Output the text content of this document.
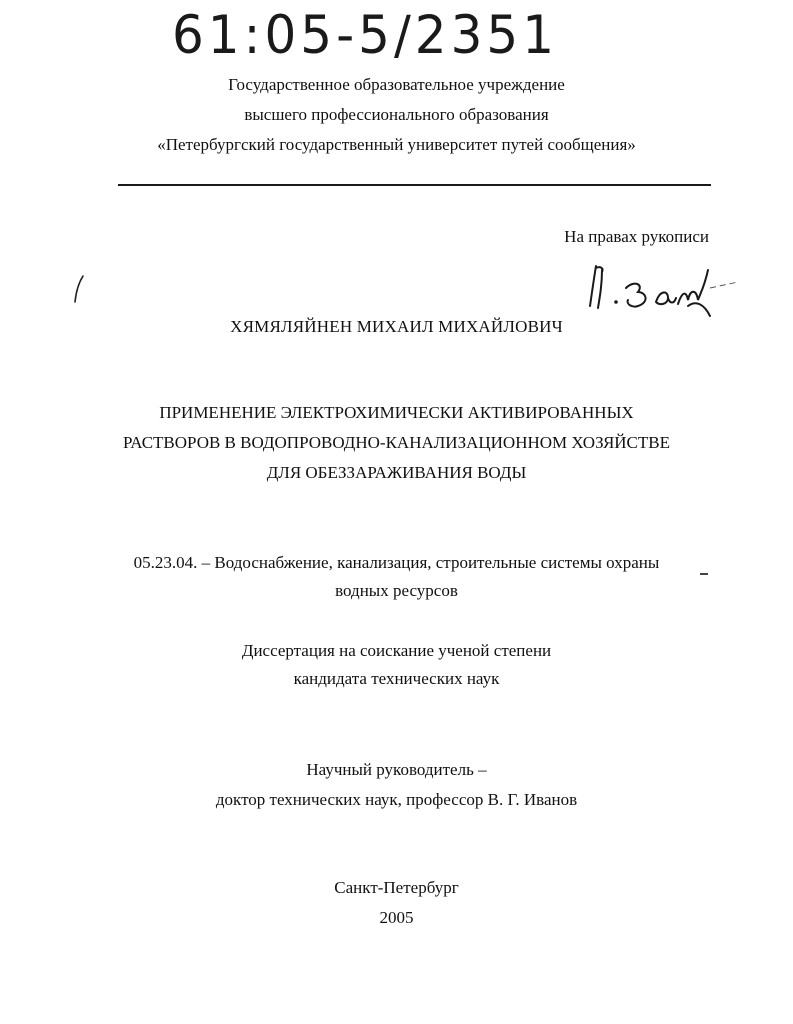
61:05-5/2351
Государственное образовательное учреждение
высшего профессионального образования
«Петербургский государственный университет путей сообщения»
На правах рукописи
ХЯМЯЛЯЙНЕН МИХАИЛ МИХАЙЛОВИЧ
ПРИМЕНЕНИЕ ЭЛЕКТРОХИМИЧЕСКИ АКТИВИРОВАННЫХ
РАСТВОРОВ В ВОДОПРОВОДНО-КАНАЛИЗАЦИОННОМ ХОЗЯЙСТВЕ
ДЛЯ ОБЕЗЗАРАЖИВАНИЯ ВОДЫ
05.23.04. – Водоснабжение, канализация, строительные системы охраны
водных ресурсов
Диссертация на соискание ученой степени
кандидата технических наук
Научный руководитель –
доктор технических наук, профессор В. Г. Иванов
Санкт-Петербург
2005
